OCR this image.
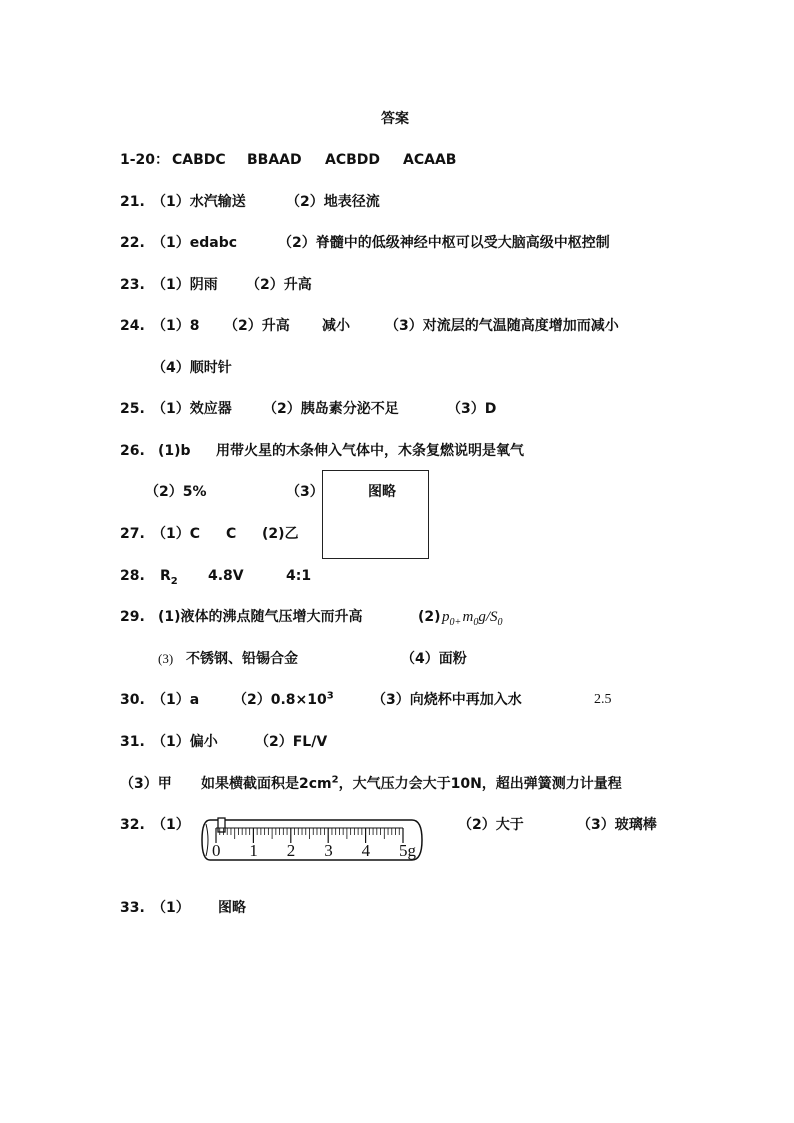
答案
1-20： CABDC BBAAD ACBDD ACAAB
21. （1）水汽输送	（2）地表径流
22. （1）edabc	（2）脊髓中的低级神经中枢可以受大脑高级中枢控制
23. （1）阴雨 （2）升高
24. （1）8 （2）升高 减小	（3）对流层的气温随高度增加而减小
（4）顺时针
25. （1）效应器 （2）胰岛素分泌不足	（3）D
26. (1)b 用带火星的木条伸入气体中，木条复燃说明是氧气
（2）5%	（3）	图略
27. （1）C C (2)乙
28. $R_2$ 4.8V	4:1
29. (1)液体的沸点随气压增大而升高	(2) $p_{0+}$ $m_0g/S_0$
(3) 不锈钢、铅锡合金	（4）面粉
30. （1）a $(2)0.8\times 10^3$	（3）向烧杯中再加入水	2.5
31. （1）偏小	（2）FL/V
（3）甲 如果横截面积是$2cm^2$，大气压力会大于10N，超出弹簧测力计量程
32. （1）
0 1 2 3 4 5g
（2）大于	（3）玻璃棒
33. （1） 图略
